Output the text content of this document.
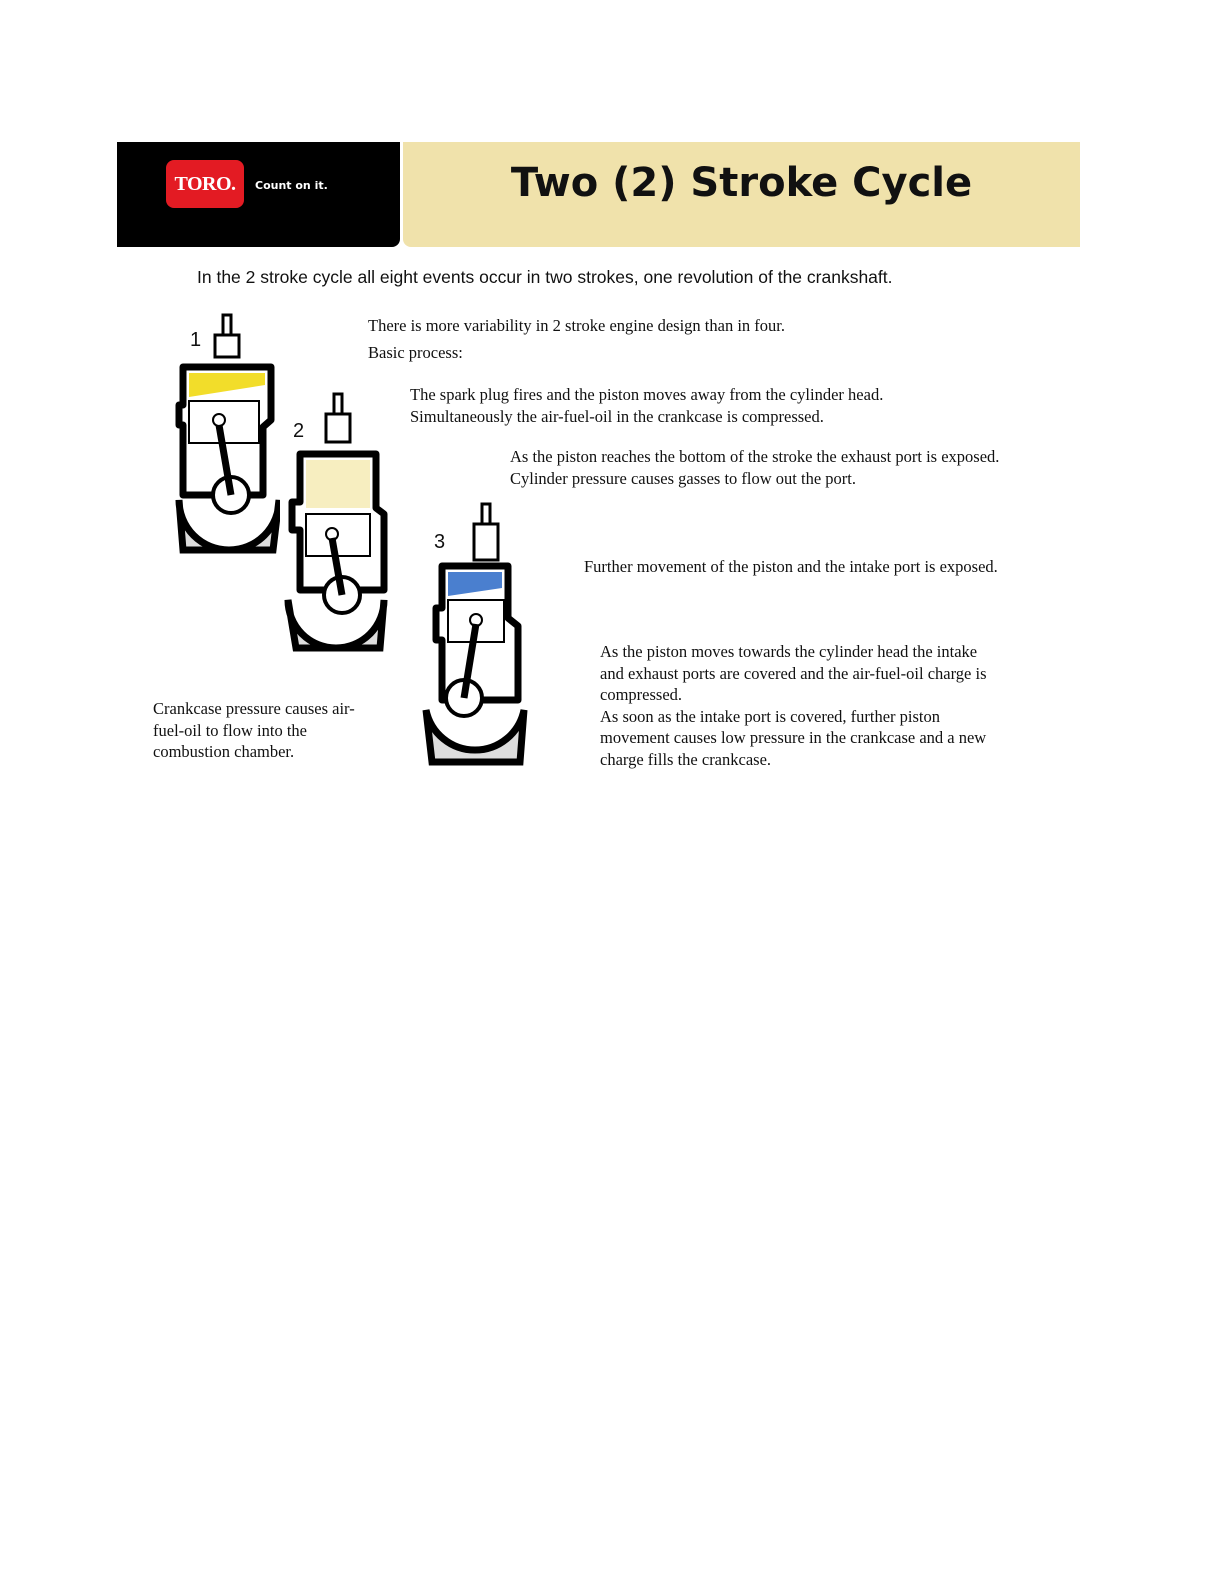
TORO.	Count on it.	Two (2) Stroke Cycle
In the 2 stroke cycle all eight events occur in two strokes, one revolution of the crankshaft.
1
2
3
There is more variability in 2 stroke engine design than in four.
Basic process:
The spark plug fires and the piston moves away from the cylinder head.
Simultaneously the air-fuel-oil in the crankcase is compressed.
As the piston reaches the bottom of the stroke the exhaust port is exposed.
Cylinder pressure causes gasses to flow out the port.
Further movement of the piston and the intake port is exposed.
As the piston moves towards the cylinder head the intake
and exhaust ports are covered and the air-fuel-oil charge is
compressed.
As soon as the intake port is covered, further piston
movement causes low pressure in the crankcase and a new
charge fills the crankcase.
Crankcase pressure causes air-
fuel-oil to flow into the
combustion chamber.
